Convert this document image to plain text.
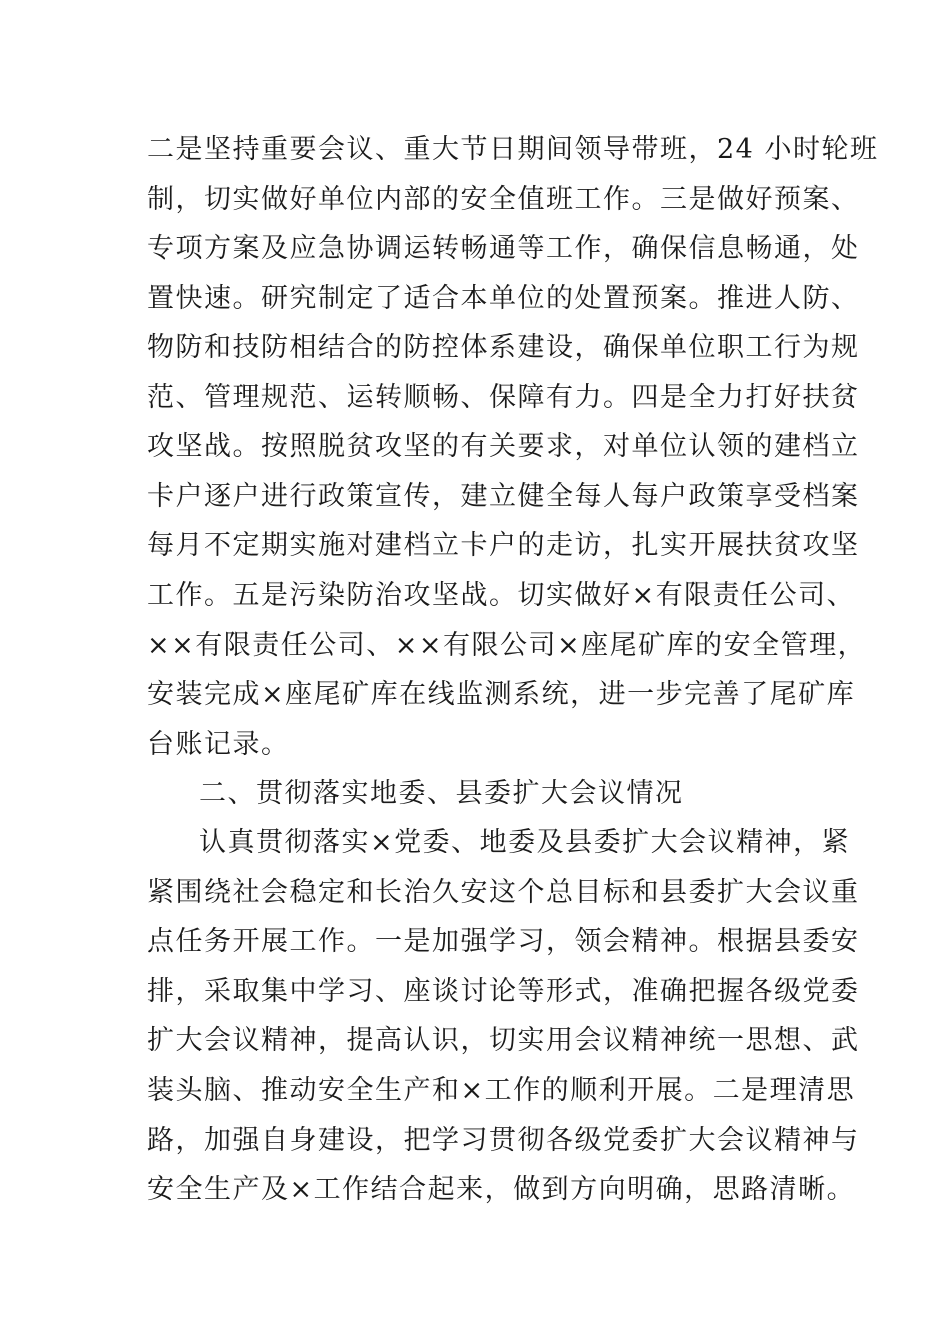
二是坚持重要会议、重大节日期间领导带班，24 小时轮班
制，切实做好单位内部的安全值班工作。三是做好预案、
专项方案及应急协调运转畅通等工作，确保信息畅通，处
置快速。研究制定了适合本单位的处置预案。推进人防、
物防和技防相结合的防控体系建设，确保单位职工行为规
范、管理规范、运转顺畅、保障有力。四是全力打好扶贫
攻坚战。按照脱贫攻坚的有关要求，对单位认领的建档立
卡户逐户进行政策宣传，建立健全每人每户政策享受档案
每月不定期实施对建档立卡户的走访，扎实开展扶贫攻坚
工作。五是污染防治攻坚战。切实做好×有限责任公司、
××有限责任公司、××有限公司×座尾矿库的安全管理，
安装完成×座尾矿库在线监测系统，进一步完善了尾矿库
台账记录。
二、贯彻落实地委、县委扩大会议情况
认真贯彻落实×党委、地委及县委扩大会议精神，紧
紧围绕社会稳定和长治久安这个总目标和县委扩大会议重
点任务开展工作。一是加强学习，领会精神。根据县委安
排，采取集中学习、座谈讨论等形式，准确把握各级党委
扩大会议精神，提高认识，切实用会议精神统一思想、武
装头脑、推动安全生产和×工作的顺利开展。二是理清思
路，加强自身建设，把学习贯彻各级党委扩大会议精神与
安全生产及×工作结合起来，做到方向明确，思路清晰。
